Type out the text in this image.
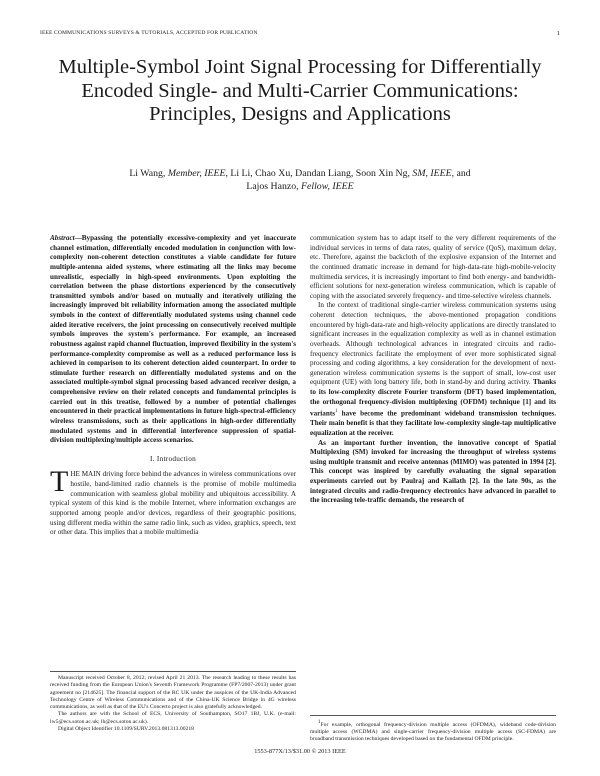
IEEE COMMUNICATIONS SURVEYS & TUTORIALS, ACCEPTED FOR PUBLICATION	1
Multiple-Symbol Joint Signal Processing for Differentially Encoded Single- and Multi-Carrier Communications: Principles, Designs and Applications
Li Wang, Member, IEEE, Li Li, Chao Xu, Dandan Liang, Soon Xin Ng, SM, IEEE, and
Lajos Hanzo, Fellow, IEEE

Abstract—Bypassing the potentially excessive-complexity and yet inaccurate channel estimation, differentially encoded modulation in conjunction with low-complexity non-coherent detection constitutes a viable candidate for future multiple-antenna aided systems, where estimating all the links may become unrealistic, especially in high-speed environments. Upon exploiting the correlation between the phase distortions experienced by the consecutively transmitted symbols and/or based on mutually and iteratively utilizing the increasingly improved bit reliability information among the associated multiple symbols in the context of differentially modulated systems using channel code aided iterative receivers, the joint processing on consecutively received multiple symbols improves the system's performance. For example, an increased robustness against rapid channel fluctuation, improved flexibility in the system's performance-complexity compromise as well as a reduced performance loss is achieved in comparison to its coherent detection aided counterpart. In order to stimulate further research on differentially modulated systems and on the associated multiple-symbol signal processing based advanced receiver design, a comprehensive review on their related concepts and fundamental principles is carried out in this treatise, followed by a number of potential challenges encountered in their practical implementations in future high-spectral-efficiency wireless transmissions, such as their applications in high-order differentially modulated systems and in differential interference suppression of spatial-division multiplexing/multiple access scenarios.

I. Introduction

THE MAIN driving force behind the advances in wireless communications over hostile, band-limited radio channels is the promise of mobile multimedia communication with seamless global mobility and ubiquitous accessibility. A typical system of this kind is the mobile Internet, where information exchanges are supported among people and/or devices, regardless of their geographic positions, using different media within the same radio link, such as video, graphics, speech, text or other data. This implies that a mobile multimedia

Manuscript received October 8, 2012; revised April 21 2013. The research leading to these results has received funding from the European Union's Seventh Framework Programme (FP7/2007-2013) under grant agreement no [214625]. The financial support of the RC UK under the auspices of the UK-India Advanced Technology Centre of Wireless Communications and of the China-UK Science Bridge in 4G wireless communications, as well as that of the EU's Concerto project is also gratefully acknowledged.

The authors are with the School of ECS, University of Southampton, SO17 1BJ, U.K. (e-mail: lw5@ecs.soton.ac.uk; lh@ecs.soton.ac.uk).

Digital Object Identifier 10.1109/SURV.2013.081313.00218

communication system has to adapt itself to the very different requirements of the individual services in terms of data rates, quality of service (QoS), maximum delay, etc. Therefore, against the backcloth of the explosive expansion of the Internet and the continued dramatic increase in demand for high-data-rate high-mobile-velocity multimedia services, it is increasingly important to find both energy- and bandwidth-efficient solutions for next-generation wireless communication, which is capable of coping with the associated severely frequency- and time-selective wireless channels.

In the context of traditional single-carrier wireless communication systems using coherent detection techniques, the above-mentioned propagation conditions encountered by high-data-rate and high-velocity applications are directly translated to significant increases in the equalization complexity as well as in channel estimation overheads. Although technological advances in integrated circuits and radio-frequency electronics facilitate the employment of ever more sophisticated signal processing and coding algorithms, a key consideration for the development of next-generation wireless communication systems is the support of small, low-cost user equipment (UE) with long battery life, both in stand-by and during activity. Thanks to its low-complexity discrete Fourier transform (DFT) based implementation, the orthogonal frequency-division multiplexing (OFDM) technique [1] and its variants$^1$ have become the predominant wideband transmission techniques. Their main benefit is that they facilitate low-complexity single-tap multiplicative equalization at the receiver.

As an important further invention, the innovative concept of Spatial Multiplexing (SM) invoked for increasing the throughput of wireless systems using multiple transmit and receive antennas (MIMO) was patented in 1994 [2]. This concept was inspired by carefully evaluating the signal separation experiments carried out by Paulraj and Kailath [2]. In the late 90s, as the integrated circuits and radio-frequency electronics have advanced in parallel to the increasing tele-traffic demands, the research of

$^1$For example, orthogonal frequency-division multiple access (OFDMA), wideband code-division multiple access (WCDMA) and single-carrier frequency-division multiple access (SC-FDMA) are broadband transmission techniques developed based on the fundamental OFDM principle.

1553-877X/13/$31.00 © 2013 IEEE
